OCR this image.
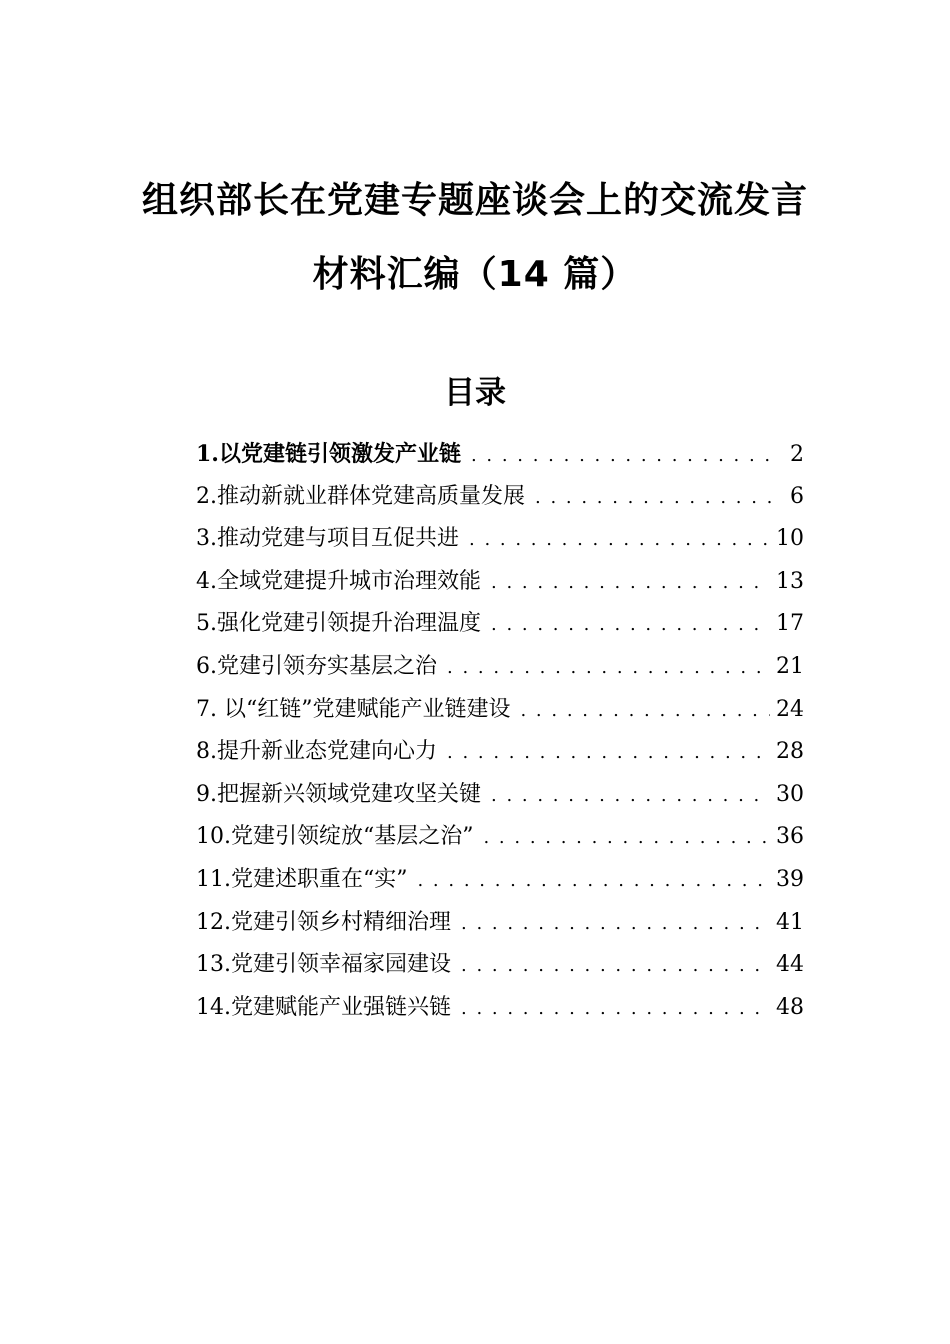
组织部长在党建专题座谈会上的交流发言
材料汇编（14 篇）
目录
1.以党建链引领激发产业链 . . .	2
2.推动新就业群体党建高质量发展 . . .	6
3.推动党建与项目互促共进 . . .	10
4.全域党建提升城市治理效能 . . .	13
5.强化党建引领提升治理温度 . . .	17
6.党建引领夯实基层之治 . . .	21
7. 以“红链”党建赋能产业链建设 . . .	24
8.提升新业态党建向心力 . . .	28
9.把握新兴领域党建攻坚关键 . . .	30
10.党建引领绽放“基层之治” . . .	36
11.党建述职重在“实” . . .	39
12.党建引领乡村精细治理 . . .	41
13.党建引领幸福家园建设 . . .	44
14.党建赋能产业强链兴链 . . .	48
